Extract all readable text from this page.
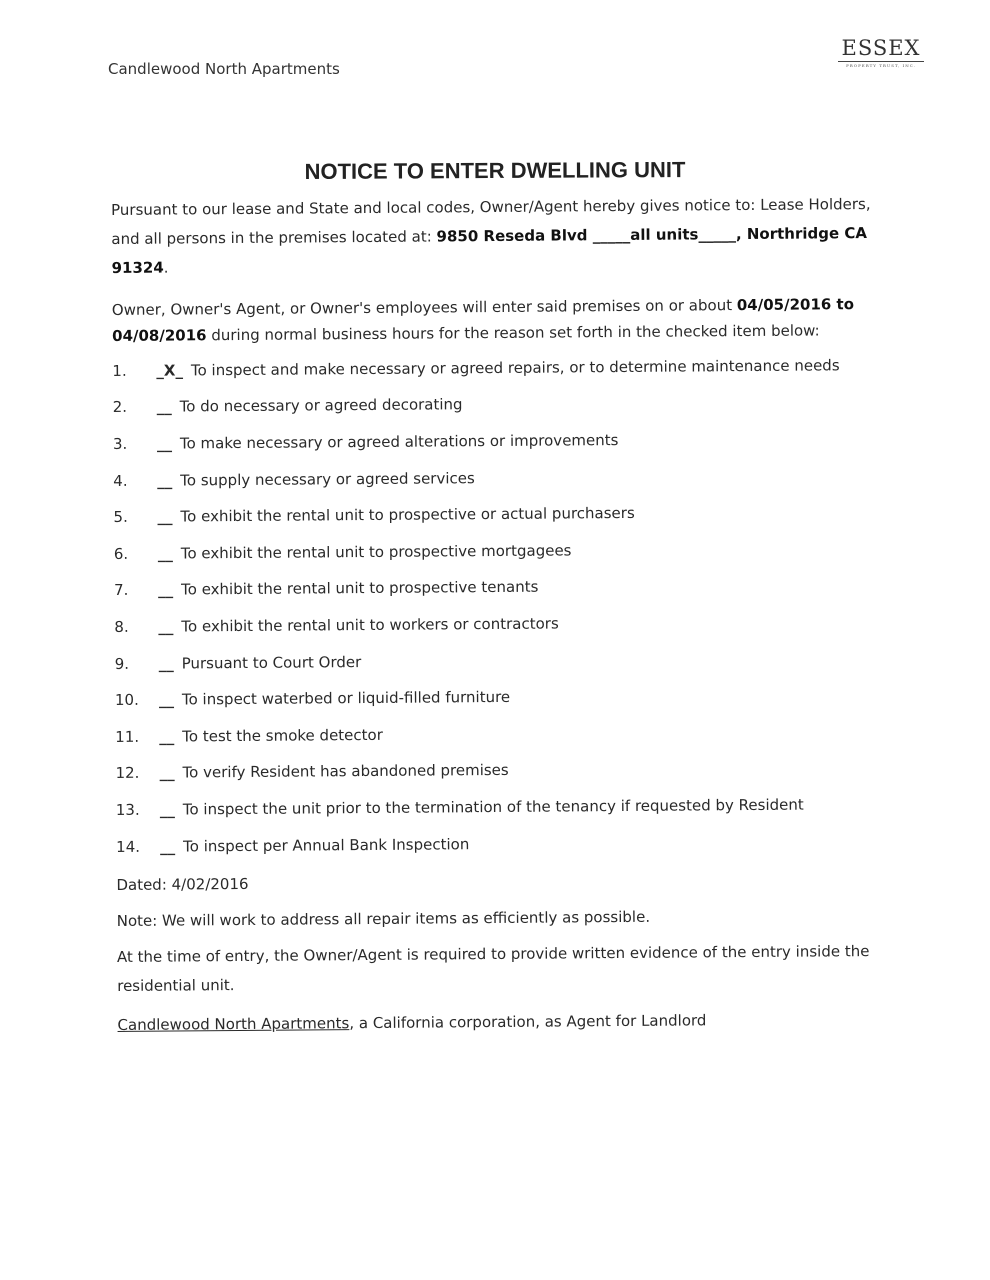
Candlewood North Apartments
ESSEX
PROPERTY TRUST, INC.
NOTICE TO ENTER DWELLING UNIT

Pursuant to our lease and State and local codes, Owner/Agent hereby gives notice to: Lease Holders, and all persons in the premises located at: 9850 Reseda Blvd _____all units_____, Northridge CA 91324.

Owner, Owner's Agent, or Owner's employees will enter said premises on or about 04/05/2016 to 04/08/2016 during normal business hours for the reason set forth in the checked item below:

1.	_X_ To inspect and make necessary or agreed repairs, or to determine maintenance needs
2.	__ To do necessary or agreed decorating
3.	__ To make necessary or agreed alterations or improvements
4.	__ To supply necessary or agreed services
5.	__ To exhibit the rental unit to prospective or actual purchasers
6.	__ To exhibit the rental unit to prospective mortgagees
7.	__ To exhibit the rental unit to prospective tenants
8.	__ To exhibit the rental unit to workers or contractors
9.	__ Pursuant to Court Order
10.	__ To inspect waterbed or liquid-filled furniture
11.	__ To test the smoke detector
12.	__ To verify Resident has abandoned premises
13.	__ To inspect the unit prior to the termination of the tenancy if requested by Resident
14.	__ To inspect per Annual Bank Inspection
Dated: 4/02/2016
Note: We will work to address all repair items as efficiently as possible.
At the time of entry, the Owner/Agent is required to provide written evidence of the entry inside the residential unit.
Candlewood North Apartments, a California corporation, as Agent for Landlord
